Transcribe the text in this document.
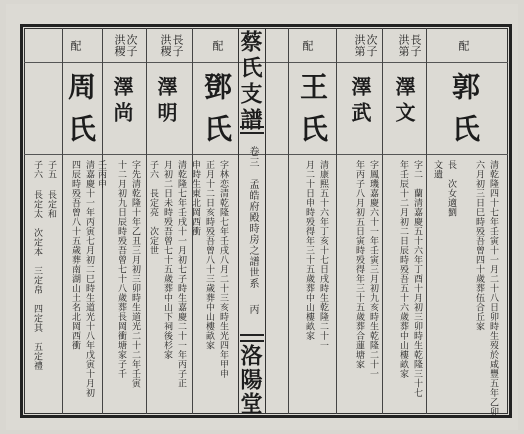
蔡氏支譜
卷三　孟皓府殿時房之譜世系
丙
洛陽堂
配
洪第 長子
洪第 次子
配
郭氏
澤文
澤武
王氏
清乾隆四十七年壬寅十一月二十八日卯時生歿於咸豐五年乙卯
六月初三日巳時殁吾曾四十歲葬伍合丘家
字二　蘭清嘉慶五十六年丁酉十月初三卯時生乾隆三十七
年壬辰十二月初二日辰時殁吾五十六歲葬中山樓畝家
字鳳璣嘉慶六十一年壬寅三月初九亥時生乾隆二十一
年丙子八月初五日寅時殁得年三十五歲葬合蓮塘家
清康熙五十六年丁亥十七日戌時生乾隆二十一
月二十日申時殁得年三十五歲葬中山樓畝家	長　次女適劉
文遺
配
洪稷 長子
洪稷 次子
配
鄧氏
澤明
澤尚
周氏
字林恋清乾隆七年壬戌八月二十三亥時生光四年甲申
正月十二日亥時殁吾曾八十三歲葬中山樓畝家
清乾隆七年壬戌十一月初七子時生嘉慶二十一年丙子正
月初二日未時殁吾曾七十五歲葬中山下祠後杉家
字先清乾隆十年乙丑三月初三卯時生道光二十二年壬寅
十二月初九日辰時殁吾曾七十八歲葬長岡衝塘家子千
清嘉慶十一年丙寅七月初二巳時生道光十八年戊寅十月初
四辰時殁吾曾八十五歲葬南湖山土名北岡西衝 壬丙申	申時生東北岡西衝
子六　長定亮　次定世
子五
長定和
子六
長定太　次定本　三定帛　四定其　五定禮
